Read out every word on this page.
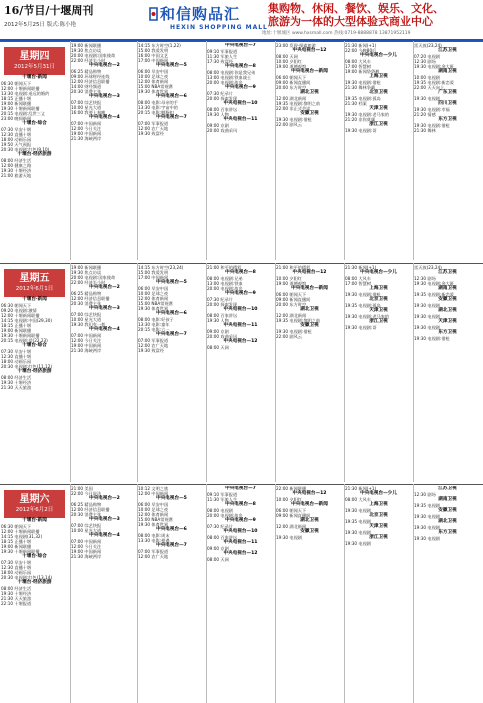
16/节目/十堰周刊
2012年5月25日 版式:陈小艳
和信购品汇
HEXIN SHOPPING MALL
集购物、休闲、餐饮、娱乐、文化、
旅游为一体的大型体验式商业中心
地址:十堰城区 www.hxsmall.com 热线:0719-8888878 13871952119
星期四
2012年5月31日
十堰台·新闻
06:30 朝闻天下
12:00 十堰新闻联播
13:30 电视剧:遥远的婚约
18:15 正播十堰
19:00 新闻联播
19:30 十堰新闻联播
20:15 电视剧:乱世三义
23:00 晚间新闻
十堰台·综合
07:30 早安十堰
12:30 直播十堰
18:00 动画乐园
19:50 天气预报
20:30 电视剧:红色(9,10)
十堰台·经济旅游
08:00 经济生活
12:00 健康之路
19:30 十堰经济
21:00 旅游天地
19:00 新闻联播
19:30 焦点访谈
20:00 电视剧:国家使命
22:00 经济半小时
中央电视台—2
06:25 精品购物
09:00 环球财经连线
12:00 经济信息联播
14:00 财经频道
20:30 消费主张
中央电视台—3
07:00 综艺快报
10:00 星光大道
16:00 我要上春晚
中央电视台—4
07:00 中国新闻
12:00 今日关注
19:00 中国新闻
21:30 海峡两岸
14:15 东方时空(1,22)
15:00 我爱发明
16:00 中国文艺
17:00 中国新闻
中央电视台—5
06:00 早安中国
10:00 足球之夜
12:00 体育新闻
15:00 NBA常规赛
19:30 体育世界
中央电视台—6
08:00 电影:母亲的手
13:30 电影:宇宙中的
20:15 电影:胭脂扣
中央电视台—7
07:00 军事报道
12:00 农广天地
19:30 致富经
中央电视台—7
09:10 军事报道
11:30 军旅人生
17:30 致富经
中央电视台—8
08:00 电视剧:你是我兄弟
13:00 电视剧:铁血战士
20:00 电视剧:故乡
中央电视台—9
07:30 纪录片
20:00 探索发现
中央电视台—10
08:00 百家讲坛
19:30 人物
中央电视台—11
09:00 京剧
20:00 戏曲采风
23:00 发现·探索旅游
中央电视台—12
08:00 天网
10:00 夕阳红
19:00 道德观察
中央电视台—新闻
06:00 朝闻天下
09:00 新闻直播间
20:00 东方时空
湖北卫视
12:00 湖北新闻
19:35 电视剧:黎明之前
22:00 非正式会谈
安徽卫视
19:30 电视剧:借枪
22:00 剧风云
21:30 新闻(+1)
22:00 今晚80后
中央电视台—少儿
08:00 大风车
17:00 智慧树
19:00 新闻袋袋裤
上海卫视
19:30 电视剧:借枪
21:30 舞林争霸
北京卫视
19:35 电视剧:孤岛
21:30 档案
天津卫视
19:30 电视剧:老马家的
21:20 非你莫属
浙江卫视
19:30 电视剧:哥
雷天放(23,24)
江苏卫视
07:20 电视剧
12:30 剧场
19:30 电视剧:金大班
湖南卫视
10:00 电视剧
19:35 电视剧:新恋爱
22:00 天天向上
广东卫视
19:30 电视剧
四川卫视
19:30 电视剧:幸福
21:20 情感
东方卫视
19:30 电视剧:借枪
21:30 舞林
星期五
2012年6月1日
十堰台·新闻
06:30 朝闻天下
09:20 电视剧:激情
12:00 十堰新闻联播
14:15 电视剧:中国(29,30)
18:15 正播十堰
19:00 新闻联播
19:30 十堰新闻联播
20:15 电视剧:爱(22,23)
十堰台·综合
07:30 早安十堰
12:30 直播十堰
18:00 动画乐园
20:30 电视剧:红色(11,12)
十堰台·经济旅游
08:00 经济生活
19:30 十堰经济
21:30 天天旅游
19:00 新闻联播
19:30 焦点访谈
20:00 电视剧:国家使命
22:00 经济半小时
中央电视台—2
06:25 精品购物
12:00 经济信息联播
20:30 消费主张
中央电视台—3
07:00 综艺快报
10:00 星光大道
19:30 我们有一套
中央电视台—4
07:00 中国新闻
12:00 今日关注
19:00 中国新闻
21:30 海峡两岸
14:15 东方时空(23,24)
15:00 我爱发明
17:00 中国新闻
中央电视台—5
06:00 早安中国
10:00 足球之夜
12:00 体育新闻
15:00 NBA常规赛
19:30 体育世界
中央电视台—6
08:00 电影:好孩子
13:30 电影:童年
20:15 电影:六一
中央电视台—7
07:00 军事报道
12:00 农广天地
19:30 致富经
21:00 和平的精彩
中央电视台—8
08:00 电视剧:兄弟
13:00 电视剧:铁血
20:00 电视剧:故乡
中央电视台—9
07:30 纪录片
20:00 探索发现
中央电视台—10
08:00 百家讲坛
19:30 人物
中央电视台—11
09:00 京剧
20:00 戏曲采风
中央电视台—12
08:00 天网
21:00 和平的精彩
中央电视台—12
10:00 夕阳红
19:00 道德观察
中央电视台—新闻
06:00 朝闻天下
09:00 新闻直播间
20:00 东方时空
湖北卫视
12:00 湖北新闻
19:35 电视剧:黎明之前
安徽卫视
19:30 电视剧:借枪
22:00 剧风云
21:30 新闻(+1)
中央电视台—少儿
08:00 大风车
17:00 智慧树
上海卫视
19:30 电视剧:借枪
北京卫视
19:35 电视剧:孤岛
天津卫视
19:30 电视剧:老马家的
浙江卫视
19:30 电视剧:哥
雷天放(23,24)
江苏卫视
12:30 剧场
19:30 电视剧:金大班
湖南卫视
19:35 电视剧:新恋爱
安徽卫视
19:30 电视剧
湖北卫视
19:30 电视剧
天津卫视
19:30 电视剧
东方卫视
19:30 电视剧:借枪
星期六
2012年6月2日
十堰台·新闻
06:30 朝闻天下
12:00 十堰新闻联播
14:15 电视剧(31,32)
18:15 正播十堰
19:00 新闻联播
19:30 十堰新闻联播
十堰台·综合
07:30 早安十堰
12:30 直播十堰
18:00 动画乐园
20:30 电视剧:红色(13,14)
十堰台·经济旅游
08:00 经济生活
19:30 十堰经济
21:30 天天旅游
22:10 十堰报道
21:00 美国
22:00 今日说法
中央电视台—2
06:25 精品购物
12:00 经济信息联播
20:30 消费主张
中央电视台—3
07:00 综艺快报
10:00 星光大道
中央电视台—4
07:00 中国新闻
12:00 今日关注
19:00 中国新闻
21:30 海峡两岸
10:12 文明之旅
12:00 中国新闻
中央电视台—5
06:00 早安中国
10:00 足球之夜
12:00 体育新闻
15:00 NBA常规赛
19:30 体育世界
中央电视台—6
08:00 电影:周末
13:30 电影:相遇
中央电视台—7
07:00 军事报道
12:00 农广天地
中央电视台—7
09:10 军事报道
11:30 军旅人生
中央电视台—8
08:00 电视剧
20:00 电视剧:故乡
中央电视台—9
07:30 纪录片
中央电视台—10
08:00 百家讲坛
中央电视台—11
09:00 京剧
中央电视台—12
08:00 天网
22:00 新闻联播
中央电视台—12
10:00 夕阳红
中央电视台—新闻
06:00 朝闻天下
09:00 新闻直播间
湖北卫视
12:00 湖北新闻
安徽卫视
19:30 电视剧
21:30 新闻(+1)
中央电视台—少儿
08:00 大风车
上海卫视
19:30 电视剧
北京卫视
19:35 电视剧
天津卫视
19:30 电视剧
浙江卫视
19:30 电视剧
江苏卫视
12:30 剧场
湖南卫视
19:35 电视剧
安徽卫视
19:30 电视剧
湖北卫视
19:30 电视剧
东方卫视
19:30 电视剧
